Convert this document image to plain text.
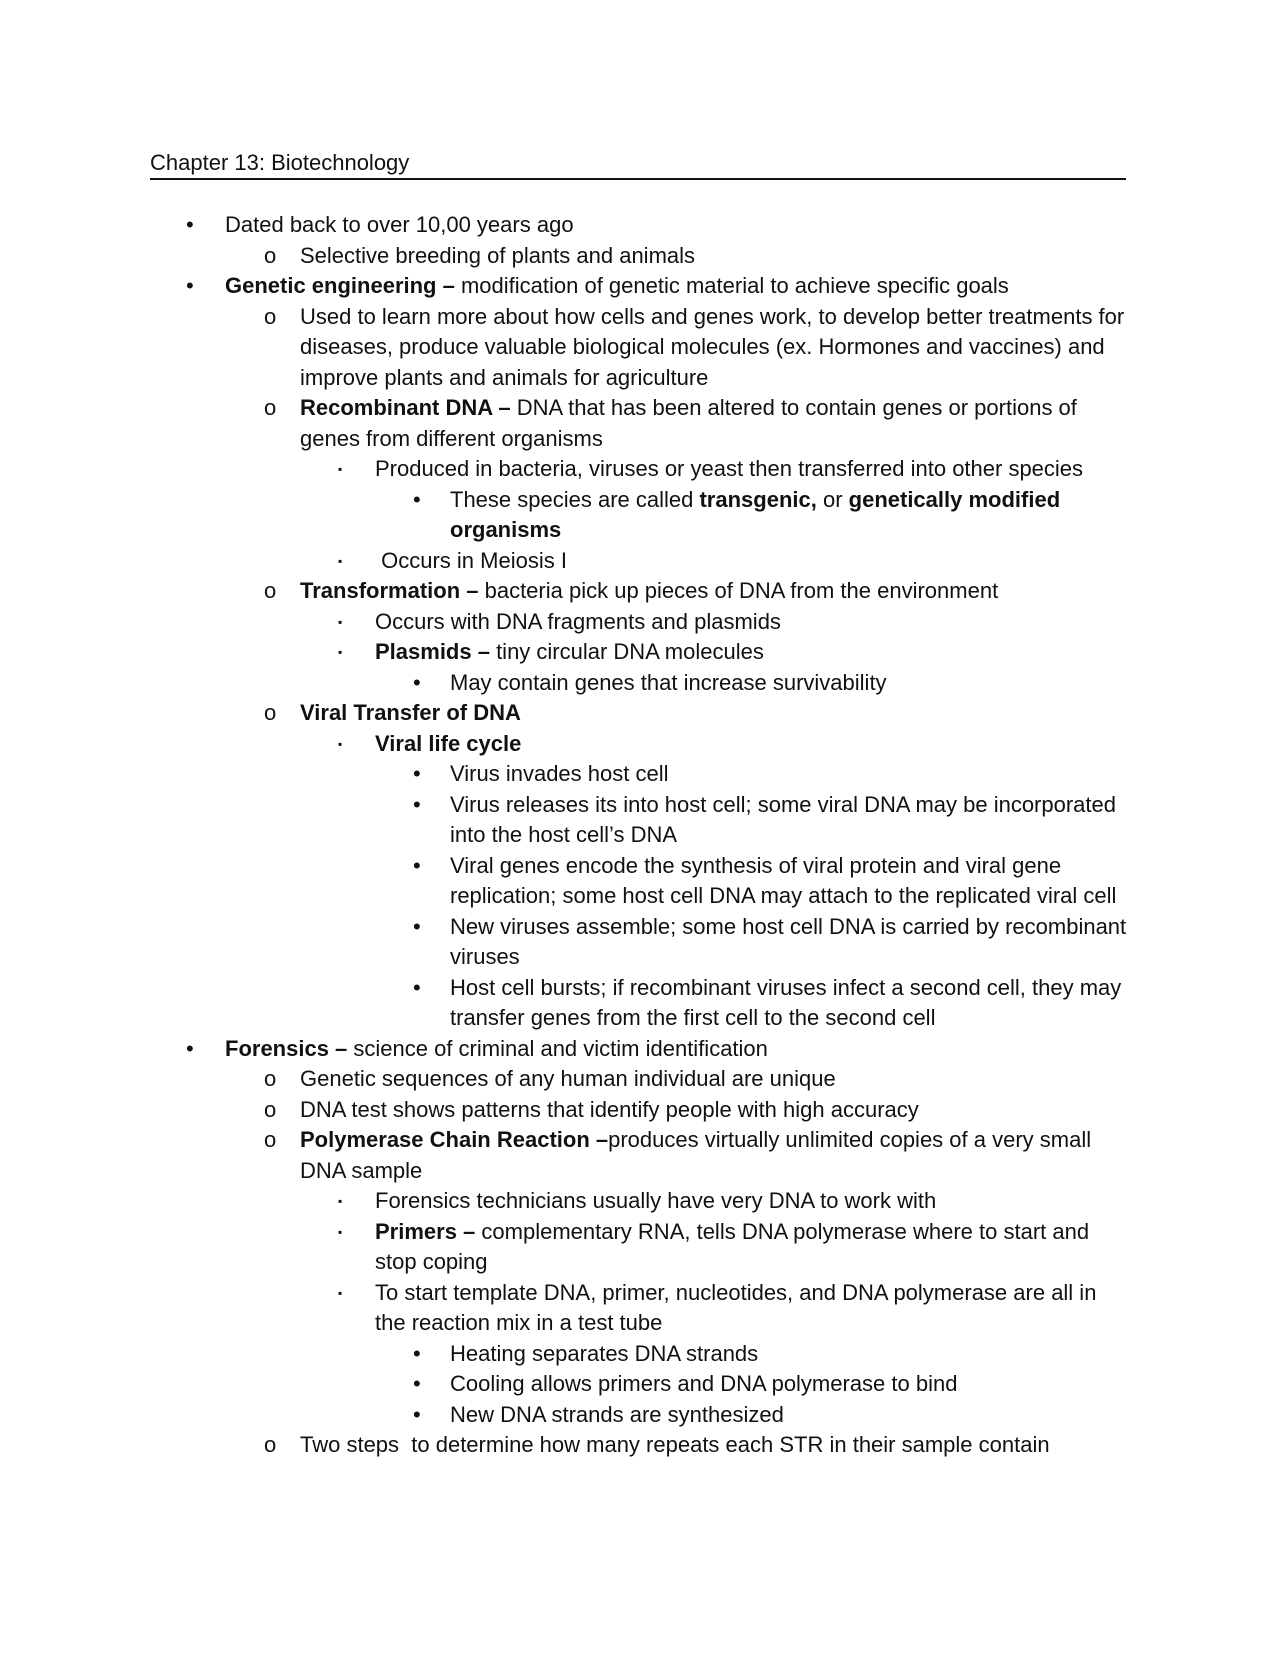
Chapter 13: Biotechnology
• Dated back to over 10,00 years ago
o Selective breeding of plants and animals
• Genetic engineering – modification of genetic material to achieve specific goals
o Used to learn more about how cells and genes work, to develop better treatments for diseases, produce valuable biological molecules (ex. Hormones and vaccines) and improve plants and animals for agriculture
o Recombinant DNA – DNA that has been altered to contain genes or portions of genes from different organisms
▪ Produced in bacteria, viruses or yeast then transferred into other species
• These species are called transgenic, or genetically modified organisms
▪ Occurs in Meiosis I
o Transformation – bacteria pick up pieces of DNA from the environment
▪ Occurs with DNA fragments and plasmids
▪ Plasmids – tiny circular DNA molecules
• May contain genes that increase survivability
o Viral Transfer of DNA
▪ Viral life cycle
• Virus invades host cell
• Virus releases its into host cell; some viral DNA may be incorporated into the host cell’s DNA
• Viral genes encode the synthesis of viral protein and viral gene replication; some host cell DNA may attach to the replicated viral cell
• New viruses assemble; some host cell DNA is carried by recombinant viruses
• Host cell bursts; if recombinant viruses infect a second cell, they may transfer genes from the first cell to the second cell
• Forensics – science of criminal and victim identification
o Genetic sequences of any human individual are unique
o DNA test shows patterns that identify people with high accuracy
o Polymerase Chain Reaction –produces virtually unlimited copies of a very small DNA sample
▪ Forensics technicians usually have very DNA to work with
▪ Primers – complementary RNA, tells DNA polymerase where to start and stop coping
▪ To start template DNA, primer, nucleotides, and DNA polymerase are all in the reaction mix in a test tube
• Heating separates DNA strands
• Cooling allows primers and DNA polymerase to bind
• New DNA strands are synthesized
o Two steps  to determine how many repeats each STR in their sample contain
